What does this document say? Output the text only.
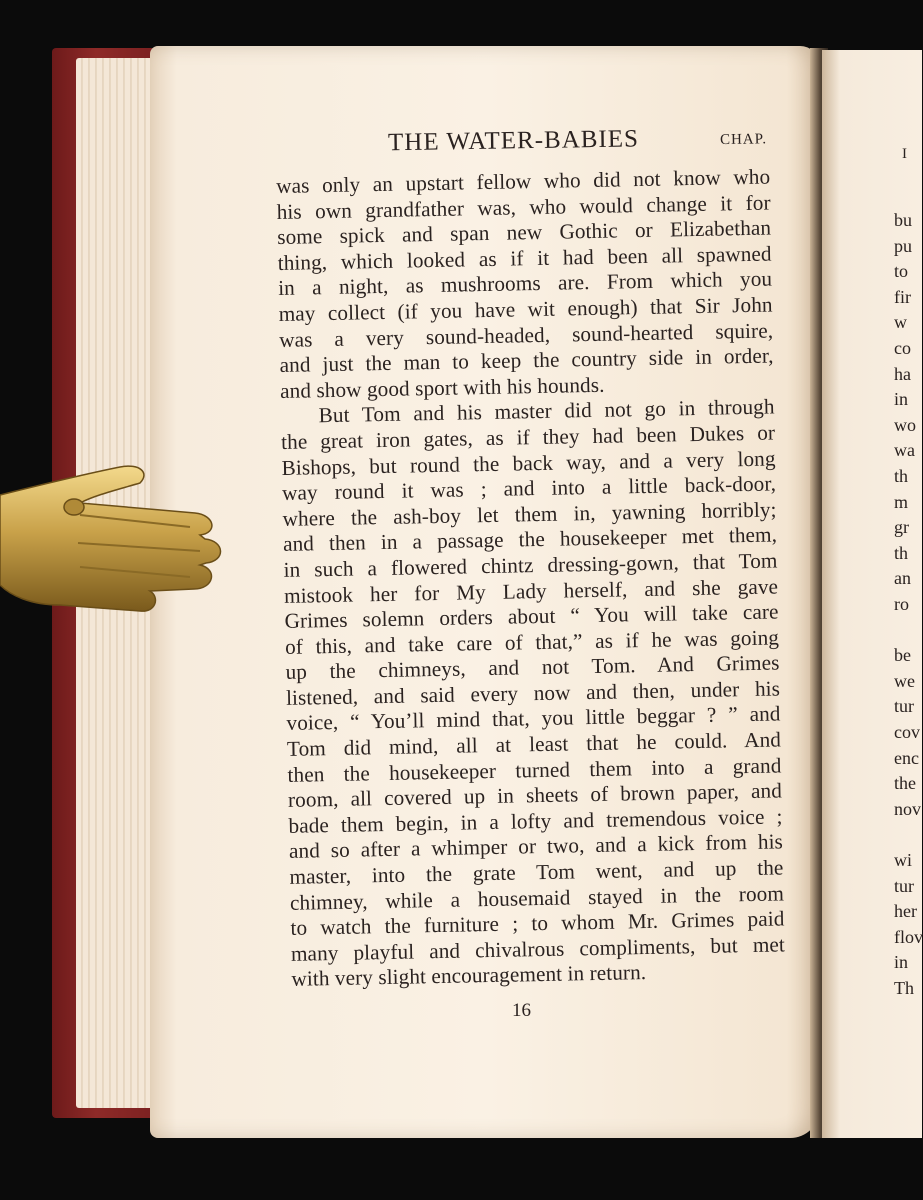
I
bu
pu
to
fir
w
co
ha
in
wo
wa
th
m
gr
th
an
ro
be
we
tur
cov
enc
the
nov
wi
tur
her
flov
in
Th
THE WATER-BABIES	CHAP.
was only an upstart fellow who did not know who
his own grandfather was, who would change it for
some spick and span new Gothic or Elizabethan
thing, which looked as if it had been all spawned
in a night, as mushrooms are. From which you
may collect (if you have wit enough) that Sir John
was a very sound-headed, sound-hearted squire,
and just the man to keep the country side in order,
and show good sport with his hounds.
But Tom and his master did not go in through
the great iron gates, as if they had been Dukes or
Bishops, but round the back way, and a very long
way round it was ; and into a little back-door,
where the ash-boy let them in, yawning horribly;
and then in a passage the housekeeper met them,
in such a flowered chintz dressing-gown, that Tom
mistook her for My Lady herself, and she gave
Grimes solemn orders about “ You will take care
of this, and take care of that,” as if he was going
up the chimneys, and not Tom. And Grimes
listened, and said every now and then, under his
voice, “ You’ll mind that, you little beggar ? ” and
Tom did mind, all at least that he could. And
then the housekeeper turned them into a grand
room, all covered up in sheets of brown paper, and
bade them begin, in a lofty and tremendous voice ;
and so after a whimper or two, and a kick from his
master, into the grate Tom went, and up the
chimney, while a housemaid stayed in the room
to watch the furniture ; to whom Mr. Grimes paid
many playful and chivalrous compliments, but met
with very slight encouragement in return.
16
